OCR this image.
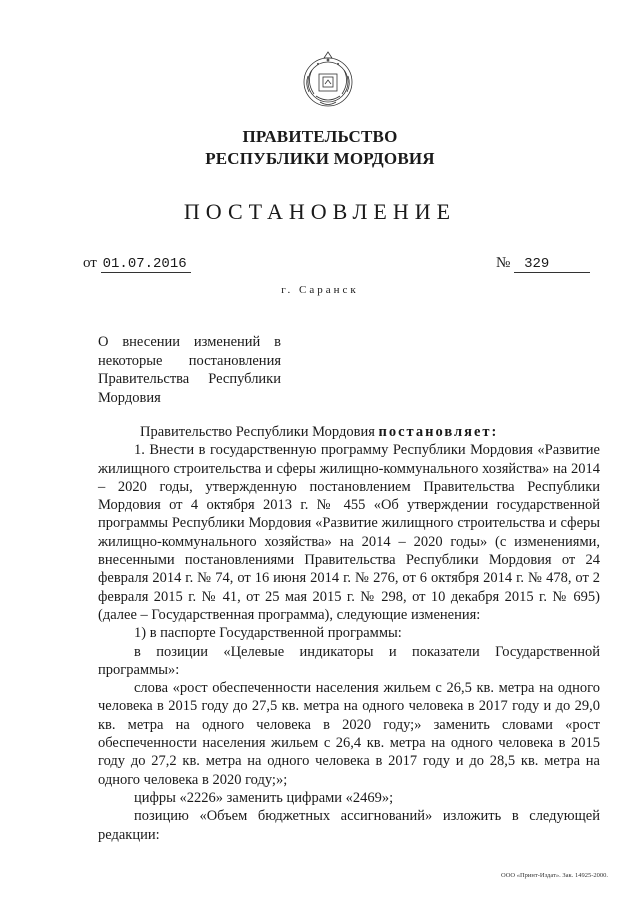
ПРАВИТЕЛЬСТВО
РЕСПУБЛИКИ МОРДОВИЯ
ПОСТАНОВЛЕНИЕ
от 01.07.2016	№ 329
г. Саранск
О внесении изменений в некоторые постановления Правительства Республики Мордовия

Правительство Республики Мордовия постановляет:

1. Внести в государственную программу Республики Мордовия «Развитие жилищного строительства и сферы жилищно-коммунального хозяйства» на 2014 – 2020 годы, утвержденную постановлением Правительства Республики Мордовия от 4 октября 2013 г. № 455 «Об утверждении государственной программы Республики Мордовия «Развитие жилищного строительства и сферы жилищно-коммунального хозяйства» на 2014 – 2020 годы» (с изменениями, внесенными постановлениями Правительства Республики Мордовия от 24 февраля 2014 г. № 74, от 16 июня 2014 г. № 276, от 6 октября 2014 г. № 478, от 2 февраля 2015 г. № 41, от 25 мая 2015 г. № 298, от 10 декабря 2015 г. № 695) (далее – Государственная программа), следующие изменения:

1) в паспорте Государственной программы:

в позиции «Целевые индикаторы и показатели Государственной программы»:

слова «рост обеспеченности населения жильем с 26,5 кв. метра на одного человека в 2015 году до 27,5 кв. метра на одного человека в 2017 году и до 29,0 кв. метра на одного человека в 2020 году;» заменить словами «рост обеспеченности населения жильем с 26,4 кв. метра на одного человека в 2015 году до 27,2 кв. метра на одного человека в 2017 году и до 28,5 кв. метра на одного человека в 2020 году;»;

цифры «2226» заменить цифрами «2469»;

позицию «Объем бюджетных ассигнований» изложить в следующей редакции:

ООО «Принт-Издат». Зак. 14925-2000.
